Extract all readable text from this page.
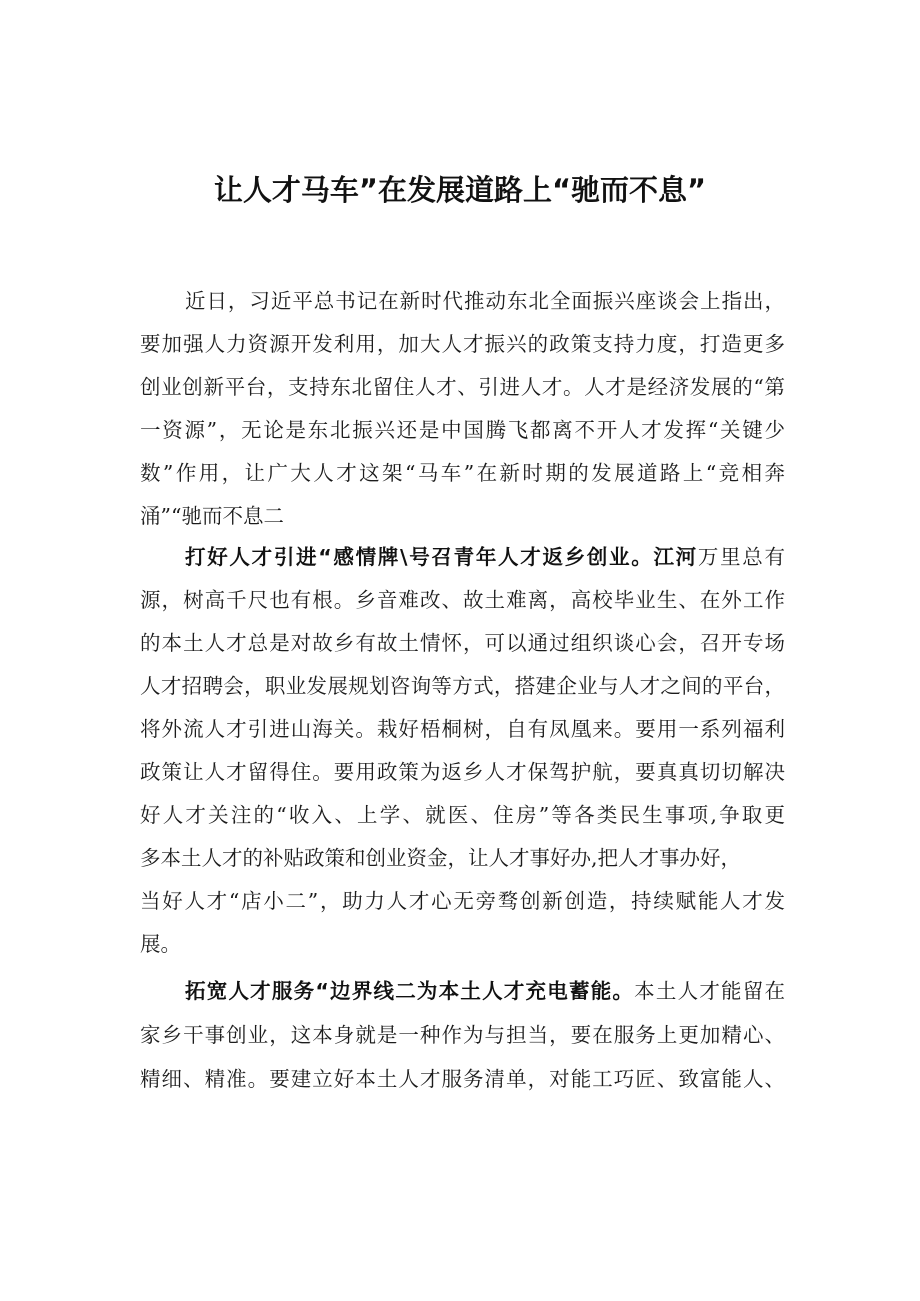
让人才马车”在发展道路上“驰而不息”
近日，习近平总书记在新时代推动东北全面振兴座谈会上指出，
要加强人力资源开发利用，加大人才振兴的政策支持力度，打造更多
创业创新平台，支持东北留住人才、引进人才。人才是经济发展的“第
一资源”，无论是东北振兴还是中国腾飞都离不开人才发挥“关键少
数”作用，让广大人才这架“马车”在新时期的发展道路上“竞相奔
涌”“驰而不息二
打好人才引进“感情牌\号召青年人才返乡创业。江河万里总有
源，树高千尺也有根。乡音难改、故土难离，高校毕业生、在外工作
的本土人才总是对故乡有故土情怀，可以通过组织谈心会，召开专场
人才招聘会，职业发展规划咨询等方式，搭建企业与人才之间的平台，
将外流人才引进山海关。栽好梧桐树，自有凤凰来。要用一系列福利
政策让人才留得住。要用政策为返乡人才保驾护航，要真真切切解决
好人才关注的“收入、上学、就医、住房”等各类民生事项,争取更
多本土人才的补贴政策和创业资金，让人才事好办,把人才事办好，
当好人才“店小二”，助力人才心无旁骛创新创造，持续赋能人才发
展。
拓宽人才服务“边界线二为本土人才充电蓄能。本土人才能留在
家乡干事创业，这本身就是一种作为与担当，要在服务上更加精心、
精细、精准。要建立好本土人才服务清单，对能工巧匠、致富能人、
